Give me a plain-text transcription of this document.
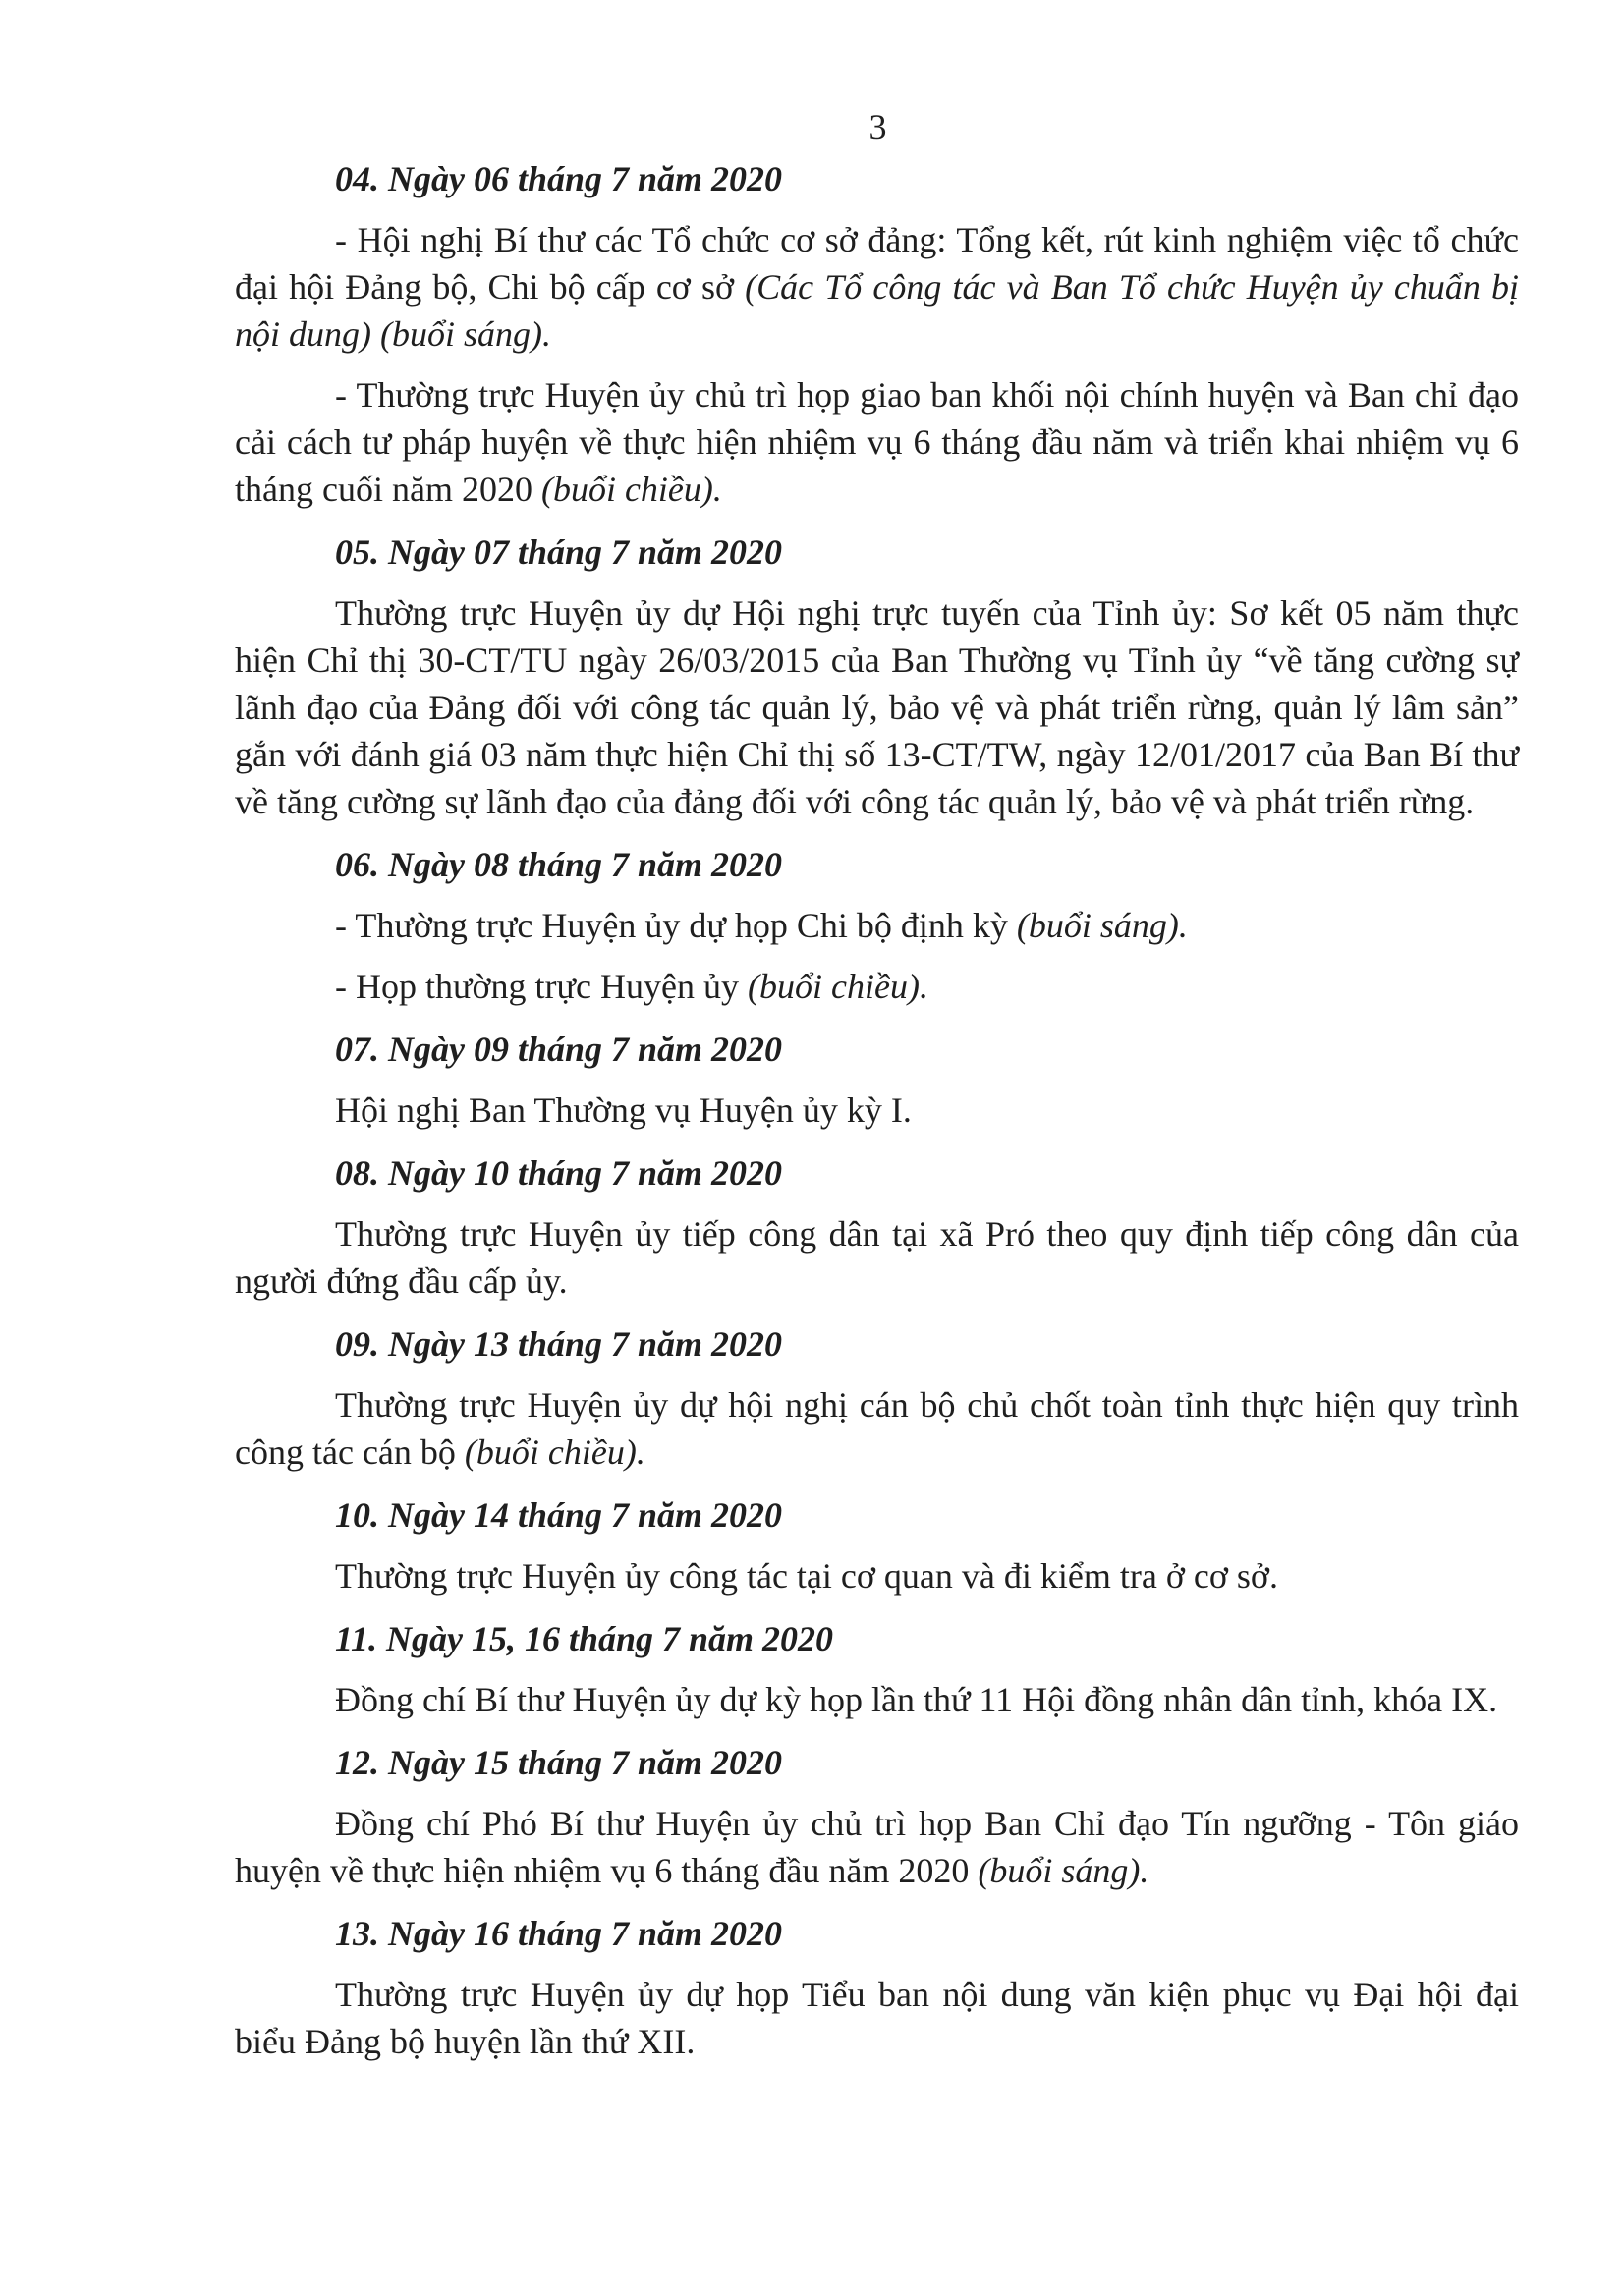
3

04. Ngày 06 tháng 7 năm 2020

- Hội nghị Bí thư các Tổ chức cơ sở đảng: Tổng kết, rút kinh nghiệm việc tổ chức đại hội Đảng bộ, Chi bộ cấp cơ sở (Các Tổ công tác và Ban Tổ chức Huyện ủy chuẩn bị nội dung) (buổi sáng).

- Thường trực Huyện ủy chủ trì họp giao ban khối nội chính huyện và Ban chỉ đạo cải cách tư pháp huyện về thực hiện nhiệm vụ 6 tháng đầu năm và triển khai nhiệm vụ 6 tháng cuối năm 2020 (buổi chiều).

05. Ngày 07 tháng 7 năm 2020

Thường trực Huyện ủy dự Hội nghị trực tuyến của Tỉnh ủy: Sơ kết 05 năm thực hiện Chỉ thị 30-CT/TU ngày 26/03/2015 của Ban Thường vụ Tỉnh ủy “về tăng cường sự lãnh đạo của Đảng đối với công tác quản lý, bảo vệ và phát triển rừng, quản lý lâm sản” gắn với đánh giá 03 năm thực hiện Chỉ thị số 13-CT/TW, ngày 12/01/2017 của Ban Bí thư về tăng cường sự lãnh đạo của đảng đối với công tác quản lý, bảo vệ và phát triển rừng.

06. Ngày 08 tháng 7 năm 2020

- Thường trực Huyện ủy dự họp Chi bộ định kỳ (buổi sáng).

- Họp thường trực Huyện ủy (buổi chiều).

07. Ngày 09 tháng 7 năm 2020

Hội nghị Ban Thường vụ Huyện ủy kỳ I.

08. Ngày 10 tháng 7 năm 2020

Thường trực Huyện ủy tiếp công dân tại xã Pró theo quy định tiếp công dân của người đứng đầu cấp ủy.

09. Ngày 13 tháng 7 năm 2020

Thường trực Huyện ủy dự hội nghị cán bộ chủ chốt toàn tỉnh thực hiện quy trình công tác cán bộ (buổi chiều).

10. Ngày 14 tháng 7 năm 2020

Thường trực Huyện ủy công tác tại cơ quan và đi kiểm tra ở cơ sở.

11. Ngày 15, 16 tháng 7 năm 2020

Đồng chí Bí thư Huyện ủy dự kỳ họp lần thứ 11 Hội đồng nhân dân tỉnh, khóa IX.

12. Ngày 15 tháng 7 năm 2020

Đồng chí Phó Bí thư Huyện ủy chủ trì họp Ban Chỉ đạo Tín ngưỡng - Tôn giáo huyện về thực hiện nhiệm vụ 6 tháng đầu năm 2020 (buổi sáng).

13. Ngày 16 tháng 7 năm 2020

Thường trực Huyện ủy dự họp Tiểu ban nội dung văn kiện phục vụ Đại hội đại biểu Đảng bộ huyện lần thứ XII.
